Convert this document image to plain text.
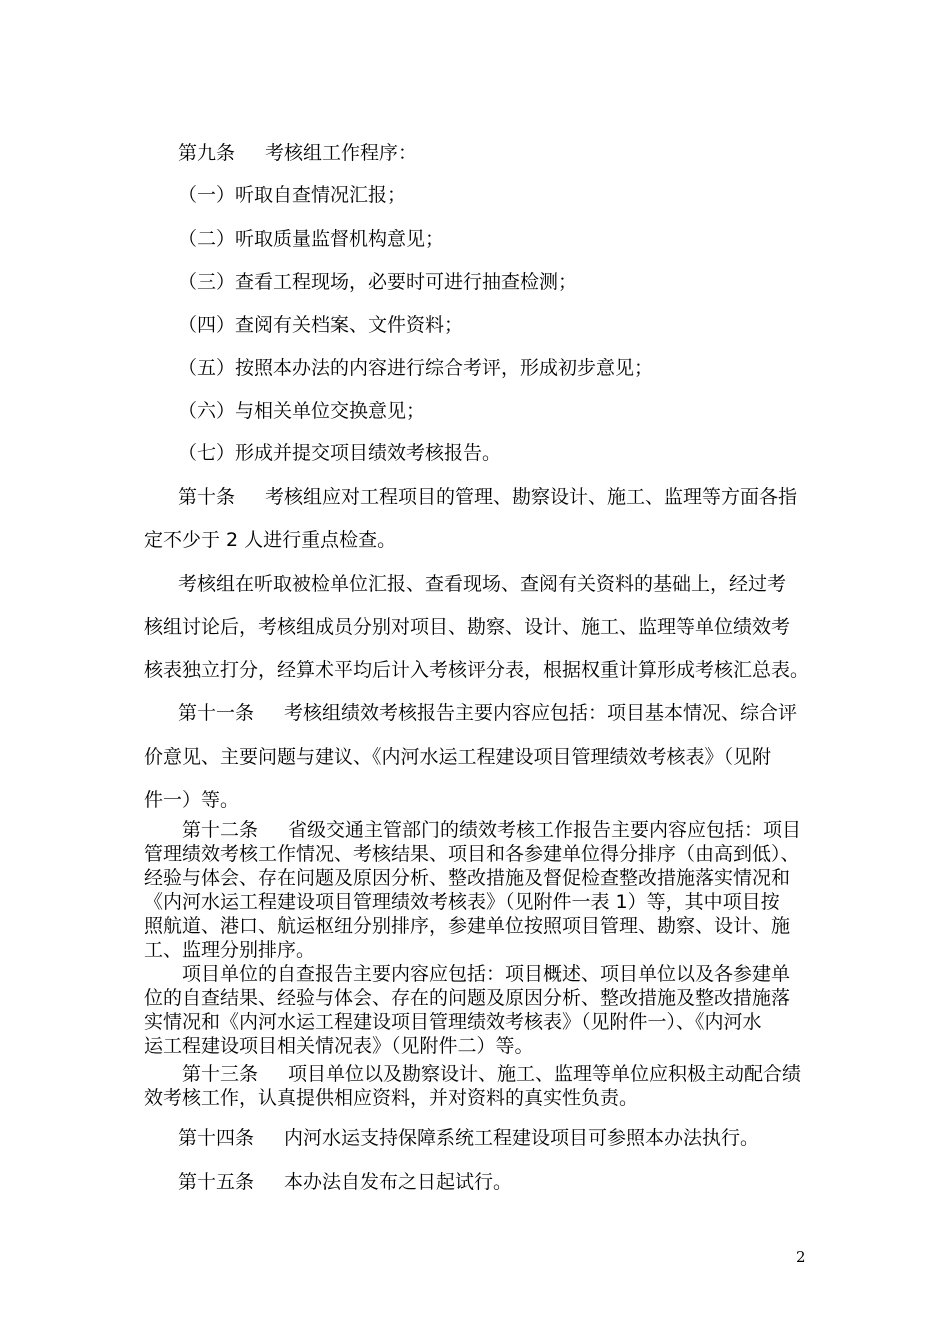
第九条 考核组工作程序：

（一）听取自查情况汇报；

（二）听取质量监督机构意见；

（三）查看工程现场，必要时可进行抽查检测；

（四）查阅有关档案、文件资料；

（五）按照本办法的内容进行综合考评，形成初步意见；

（六）与相关单位交换意见；

（七）形成并提交项目绩效考核报告。

第十条 考核组应对工程项目的管理、勘察设计、施工、监理等方面各指

定不少于 2 人进行重点检查。

考核组在听取被检单位汇报、查看现场、查阅有关资料的基础上，经过考

核组讨论后，考核组成员分别对项目、勘察、设计、施工、监理等单位绩效考

核表独立打分，经算术平均后计入考核评分表，根据权重计算形成考核汇总表。

第十一条 考核组绩效考核报告主要内容应包括：项目基本情况、综合评

价意见、主要问题与建议、《内河水运工程建设项目管理绩效考核表》（见附

件一）等。

第十二条 省级交通主管部门的绩效考核工作报告主要内容应包括：项目

管理绩效考核工作情况、考核结果、项目和各参建单位得分排序（由高到低）、

经验与体会、存在问题及原因分析、整改措施及督促检查整改措施落实情况和

《内河水运工程建设项目管理绩效考核表》（见附件一表 1）等，其中项目按

照航道、港口、航运枢纽分别排序，参建单位按照项目管理、勘察、设计、施

工、监理分别排序。

项目单位的自查报告主要内容应包括：项目概述、项目单位以及各参建单

位的自查结果、经验与体会、存在的问题及原因分析、整改措施及整改措施落

实情况和《内河水运工程建设项目管理绩效考核表》（见附件一）、《内河水

运工程建设项目相关情况表》（见附件二）等。

第十三条 项目单位以及勘察设计、施工、监理等单位应积极主动配合绩

效考核工作，认真提供相应资料，并对资料的真实性负责。

第十四条 内河水运支持保障系统工程建设项目可参照本办法执行。

第十五条 本办法自发布之日起试行。

2
